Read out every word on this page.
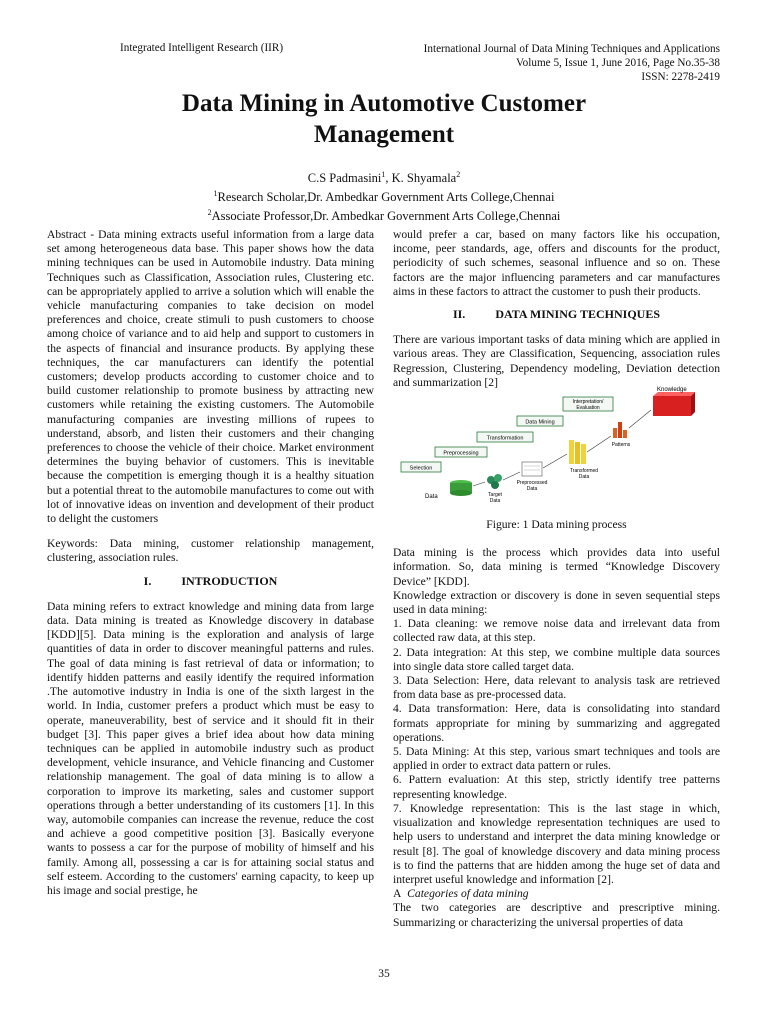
Integrated Intelligent Research (IIR)	International Journal of Data Mining Techniques and Applications
Volume 5, Issue 1, June 2016, Page No.35-38
ISSN: 2278-2419
Data Mining in Automotive Customer
Management
C.S Padmasini$^1$, K. Shyamala$^2$
$^1$Research Scholar,Dr. Ambedkar Government Arts College,Chennai
$^2$Associate Professor,Dr. Ambedkar Government Arts College,Chennai

Abstract - Data mining extracts useful information from a large data set among heterogeneous data base. This paper shows how the data mining techniques can be used in Automobile industry. Data mining Techniques such as Classification, Association rules, Clustering etc. can be appropriately applied to arrive a solution which will enable the vehicle manufacturing companies to take decision on model preferences and choice, create stimuli to push customers to choose among choice of variance and to aid help and support to customers in the aspects of financial and insurance products. By applying these techniques, the car manufacturers can identify the potential customers; develop products according to customer choice and to build customer relationship to promote business by attracting new customers while retaining the existing customers. The Automobile manufacturing companies are investing millions of rupees to understand, absorb, and listen their customers and their changing preferences to choose the vehicle of their choice. Market environment determines the buying behavior of customers. This is inevitable because the competition is emerging though it is a healthy situation but a potential threat to the automobile manufactures to come out with lot of innovative ideas on invention and development of their product to delight the customers

Keywords: Data mining, customer relationship management, clustering, association rules.

I.	INTRODUCTION

Data mining refers to extract knowledge and mining data from large data. Data mining is treated as Knowledge discovery in database [KDD][5]. Data mining is the exploration and analysis of large quantities of data in order to discover meaningful patterns and rules. The goal of data mining is fast retrieval of data or information; to identify hidden patterns and easily identify the required information .The automotive industry in India is one of the sixth largest in the world. In India, customer prefers a product which must be easy to operate, maneuverability, best of service and it should fit in their budget [3]. This paper gives a brief idea about how data mining techniques can be applied in automobile industry such as product development, vehicle insurance, and Vehicle financing and Customer relationship management. The goal of data mining is to allow a corporation to improve its marketing, sales and customer support operations through a better understanding of its customers [1]. In this way, automobile companies can increase the revenue, reduce the cost and achieve a good competitive position [3]. Basically everyone wants to possess a car for the purpose of mobility of himself and his family. Among all, possessing a car is for attaining social status and self esteem. According to the customers' earning capacity, to keep up his image and social prestige, he

would prefer a car, based on many factors like his occupation, income, peer standards, age, offers and discounts for the product, periodicity of such schemes, seasonal influence and so on. These factors are the major influencing parameters and car manufactures aims in these factors to attract the customer to push their products.

II.	DATA MINING TECHNIQUES

There are various important tasks of data mining which are applied in various areas. They are Classification, Sequencing, association rules Regression, Clustering, Dependency modeling, Deviation detection and summarization [2]

Selection
Preprocessing
Transformation
Data Mining
Interpretation/
Evaluation
Knowledge
Data	Target
Data
Preprocessed
Data
Transformed
Data
Patterns
Figure: 1 Data mining process

Data mining is the process which provides data into useful information. So, data mining is termed “Knowledge Discovery Device” [KDD].

Knowledge extraction or discovery is done in seven sequential steps used in data mining:

1. Data cleaning: we remove noise data and irrelevant data from collected raw data, at this step.

2. Data integration: At this step, we combine multiple data sources into single data store called target data.

3. Data Selection: Here, data relevant to analysis task are retrieved from data base as pre-processed data.

4. Data transformation: Here, data is consolidating into standard formats appropriate for mining by summarizing and aggregated operations.

5. Data Mining: At this step, various smart techniques and tools are applied in order to extract data pattern or rules.

6. Pattern evaluation: At this step, strictly identify tree patterns representing knowledge.

7. Knowledge representation: This is the last stage in which, visualization and knowledge representation techniques are used to help users to understand and interpret the data mining knowledge or result [8]. The goal of knowledge discovery and data mining process is to find the patterns that are hidden among the huge set of data and interpret useful knowledge and information [2].

A Categories of data mining

The two categories are descriptive and prescriptive mining. Summarizing or characterizing the universal properties of data

35
